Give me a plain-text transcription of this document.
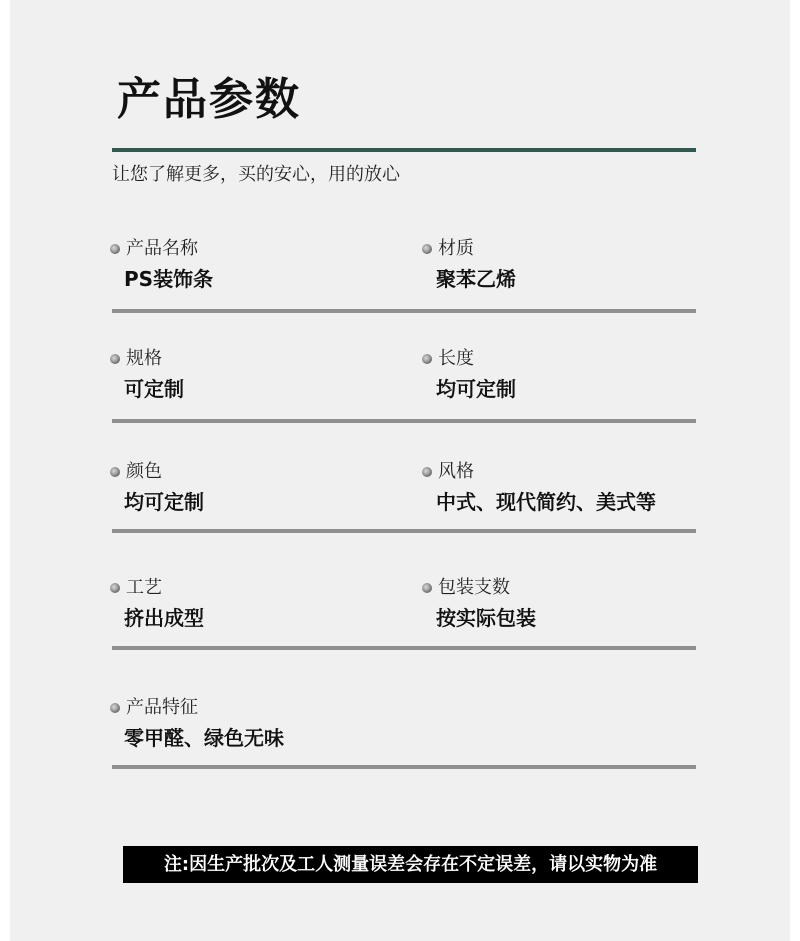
产品参数
让您了解更多，买的安心，用的放心
产品名称
PS装饰条
材质
聚苯乙烯
规格
可定制
长度
均可定制
颜色
均可定制
风格
中式、现代简约、美式等
工艺
挤出成型
包装支数
按实际包装
产品特征
零甲醛、绿色无味
注:因生产批次及工人测量误差会存在不定误差，请以实物为准
